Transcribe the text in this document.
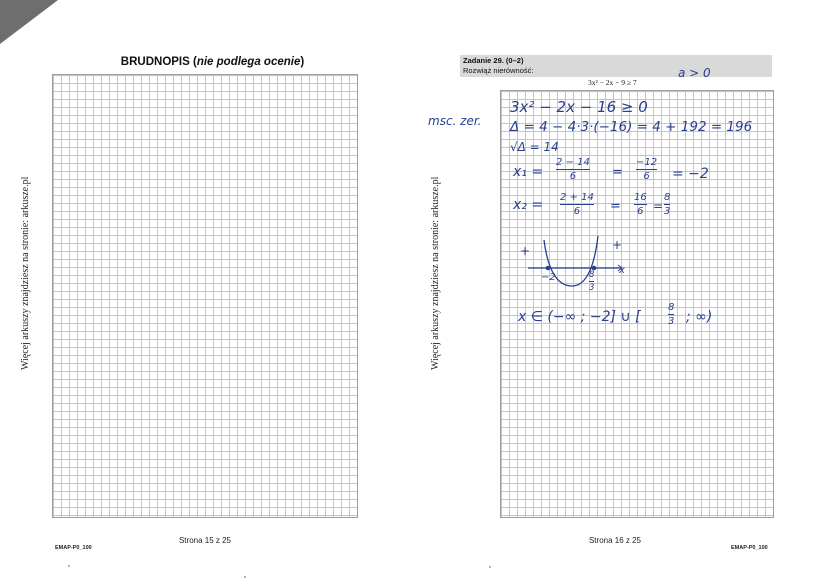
Więcej arkuszy znajdziesz na stronie: arkusze.pl
BRUDNOPIS (nie podlega ocenie)
Strona 15 z 25
EMAP-P0_100
Więcej arkuszy znajdziesz na stronie: arkusze.pl
Zadanie 29. (0–2)
Rozwiąż nierówność:
3x² − 2x − 9 ≥ 7
a > 0
msc. zer.
3x² − 2x − 16 ≥ 0
Δ = 4 − 4·3·(−16) = 4 + 192 = 196
√Δ = 14
x₁ =
2 − 14
6	=
−12
6 = −2
x₂ = 2 + 14
6 =
16
6 =
8
3
+	+
−2	8
3
x
x ∈ (−∞ ; −2] ∪ [
8
3 ; ∞)
Strona 16 z 25
EMAP-P0_100
